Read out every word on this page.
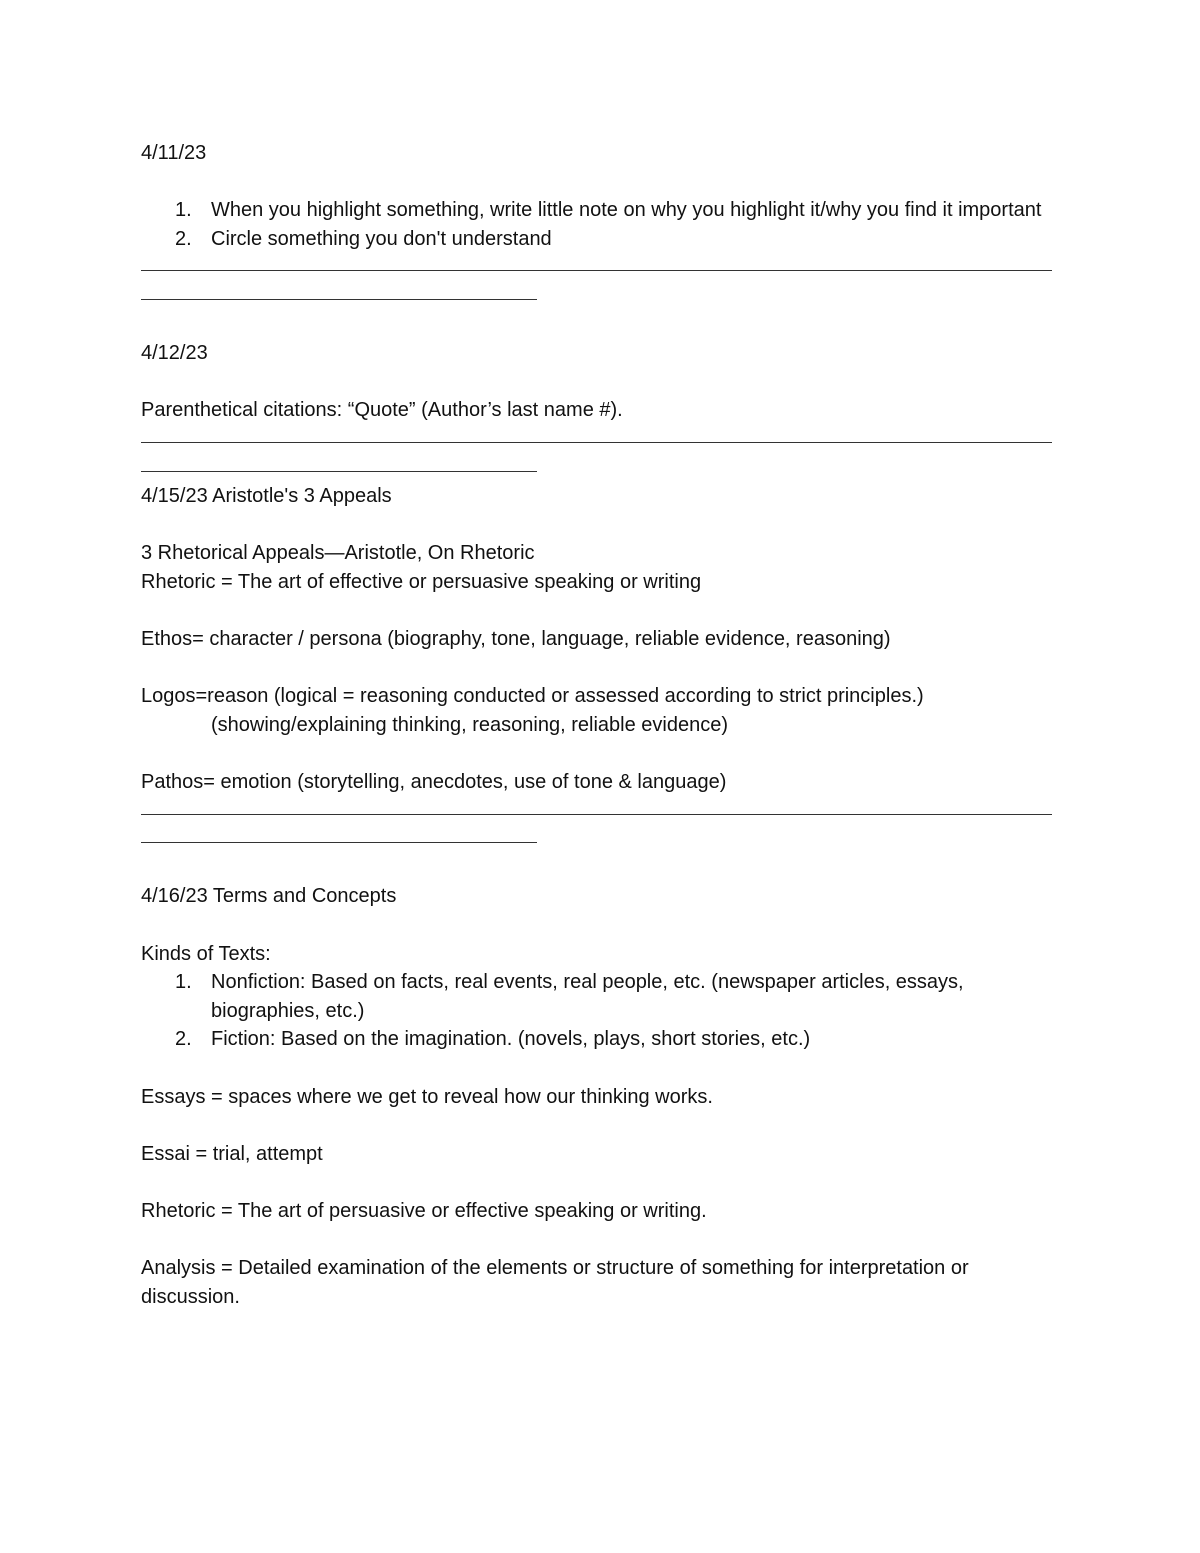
4/11/23
1. When you highlight something, write little note on why you highlight it/why you find it important
2. Circle something you don't understand
4/12/23
Parenthetical citations: “Quote” (Author’s last name #).
4/15/23 Aristotle's 3 Appeals
3 Rhetorical Appeals—Aristotle, On Rhetoric
Rhetoric = The art of effective or persuasive speaking or writing
Ethos= character / persona (biography, tone, language, reliable evidence, reasoning)
Logos=reason (logical = reasoning conducted or assessed according to strict principles.)
(showing/explaining thinking, reasoning, reliable evidence)
Pathos= emotion (storytelling, anecdotes, use of tone & language)
4/16/23 Terms and Concepts
Kinds of Texts:
1. Nonfiction: Based on facts, real events, real people, etc. (newspaper articles, essays, biographies, etc.)
2. Fiction: Based on the imagination. (novels, plays, short stories, etc.)
Essays = spaces where we get to reveal how our thinking works.
Essai = trial, attempt
Rhetoric = The art of persuasive or effective speaking or writing.
Analysis = Detailed examination of the elements or structure of something for interpretation or discussion.
